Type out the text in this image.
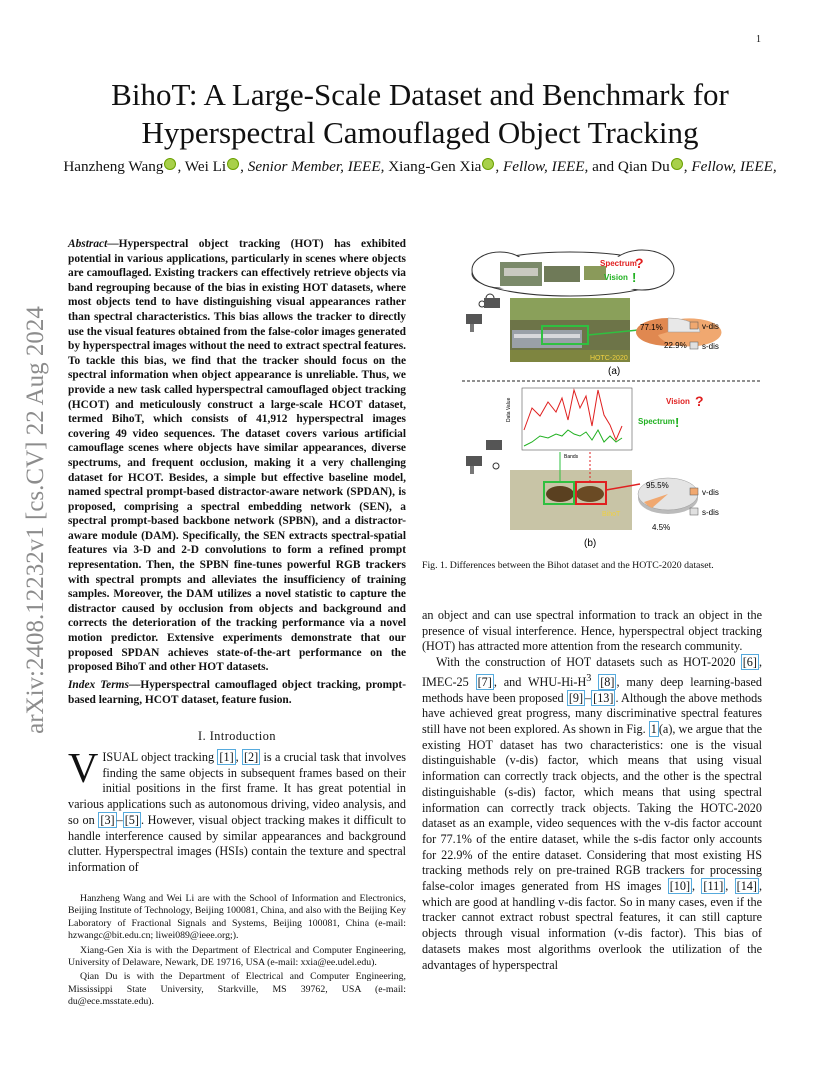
1
arXiv:2408.12232v1 [cs.CV] 22 Aug 2024
BihoT: A Large-Scale Dataset and Benchmark for Hyperspectral Camouflaged Object Tracking
Hanzheng Wang , Wei Li , Senior Member, IEEE, Xiang-Gen Xia , Fellow, IEEE, and Qian Du , Fellow, IEEE,
Abstract—Hyperspectral object tracking (HOT) has exhibited potential in various applications, particularly in scenes where objects are camouflaged. Existing trackers can effectively retrieve objects via band regrouping because of the bias in existing HOT datasets, where most objects tend to have distinguishing visual appearances rather than spectral characteristics. This bias allows the tracker to directly use the visual features obtained from the false-color images generated by hyperspectral images without the need to extract spectral features. To tackle this bias, we find that the tracker should focus on the spectral information when object appearance is unreliable. Thus, we provide a new task called hyperspectral camouflaged object tracking (HCOT) and meticulously construct a large-scale HCOT dataset, termed BihoT, which consists of 41,912 hyperspectral images covering 49 video sequences. The dataset covers various artificial camouflage scenes where objects have similar appearances, diverse spectrums, and frequent occlusion, making it a very challenging dataset for HCOT. Besides, a simple but effective baseline model, named spectral prompt-based distractor-aware network (SPDAN), is proposed, comprising a spectral embedding network (SEN), a spectral prompt-based backbone network (SPBN), and a distractor-aware module (DAM). Specifically, the SEN extracts spectral-spatial features via 3-D and 2-D convolutions to form a refined prompt representation. Then, the SPBN fine-tunes powerful RGB trackers with spectral prompts and alleviates the insufficiency of training samples. Moreover, the DAM utilizes a novel statistic to capture the distractor caused by occlusion from objects and background and corrects the deterioration of the tracking performance via a novel motion predictor. Extensive experiments demonstrate that our proposed SPDAN achieves state-of-the-art performance on the proposed BihoT and other HOT datasets.
Index Terms—Hyperspectral camouflaged object tracking, prompt-based learning, HCOT dataset, feature fusion.
I. Introduction
VISUAL object tracking [1] , [2] is a crucial task that involves finding the same objects in subsequent frames based on their initial positions in the first frame. It has great potential in various applications such as autonomous driving, video analysis, and so on [3] – [5] . However, visual object tracking makes it difficult to handle interference caused by similar appearances and background clutter. Hyperspectral images (HSIs) contain the texture and spectral information of

Hanzheng Wang and Wei Li are with the School of Information and Electronics, Beijing Institute of Technology, Beijing 100081, China, and also with the Beijing Key Laboratory of Fractional Signals and Systems, Beijing 100081, China (e-mail: hzwangc@bit.edu.cn; liwei089@ieee.org;).

Xiang-Gen Xia is with the Department of Electrical and Computer Engineering, University of Delaware, Newark, DE 19716, USA (e-mail: xxia@ee.udel.edu).

Qian Du is with the Department of Electrical and Computer Engineering, Mississippi State University, Starkville, MS 39762, USA (e-mail: du@ece.msstate.edu).

Spectrum
?
Vision !
HOTC-2020
77.1%
22.9%
v-dis
s-dis
(a)
Data Value
Bands
Vision ?
Spectrum !
BihoT
95.5%
4.5%
v-dis
s-dis
(b)
Fig. 1. Differences between the Bihot dataset and the HOTC-2020 dataset.

an object and can use spectral information to track an object in the presence of visual interference. Hence, hyperspectral object tracking (HOT) has attracted more attention from the research community.

With the construction of HOT datasets such as HOT-2020 [6] , IMEC-25 [7] , and WHU-$Hi-H^3$ [8] , many deep learning-based methods have been proposed [9] – [13] . Although the above methods have achieved great progress, many discriminative spectral features still have not been explored. As shown in Fig. 1 (a), we argue that the existing HOT dataset has two characteristics: one is the visual distinguishable (v-dis) factor, which means that using visual information can correctly track objects, and the other is the spectral distinguishable (s-dis) factor, which means that using spectral information can correctly track objects. Taking the HOTC-2020 dataset as an example, video sequences with the v-dis factor account for 77.1% of the entire dataset, while the s-dis factor only accounts for 22.9% of the entire dataset. Considering that most existing HS tracking methods rely on pre-trained RGB trackers for processing false-color images generated from HS images [10] , [11] , [14] , which are good at handling v-dis factor. So in many cases, even if the tracker cannot extract robust spectral features, it can still capture objects through visual information (v-dis factor). This bias of datasets makes most algorithms overlook the utilization of the advantages of hyperspectral
